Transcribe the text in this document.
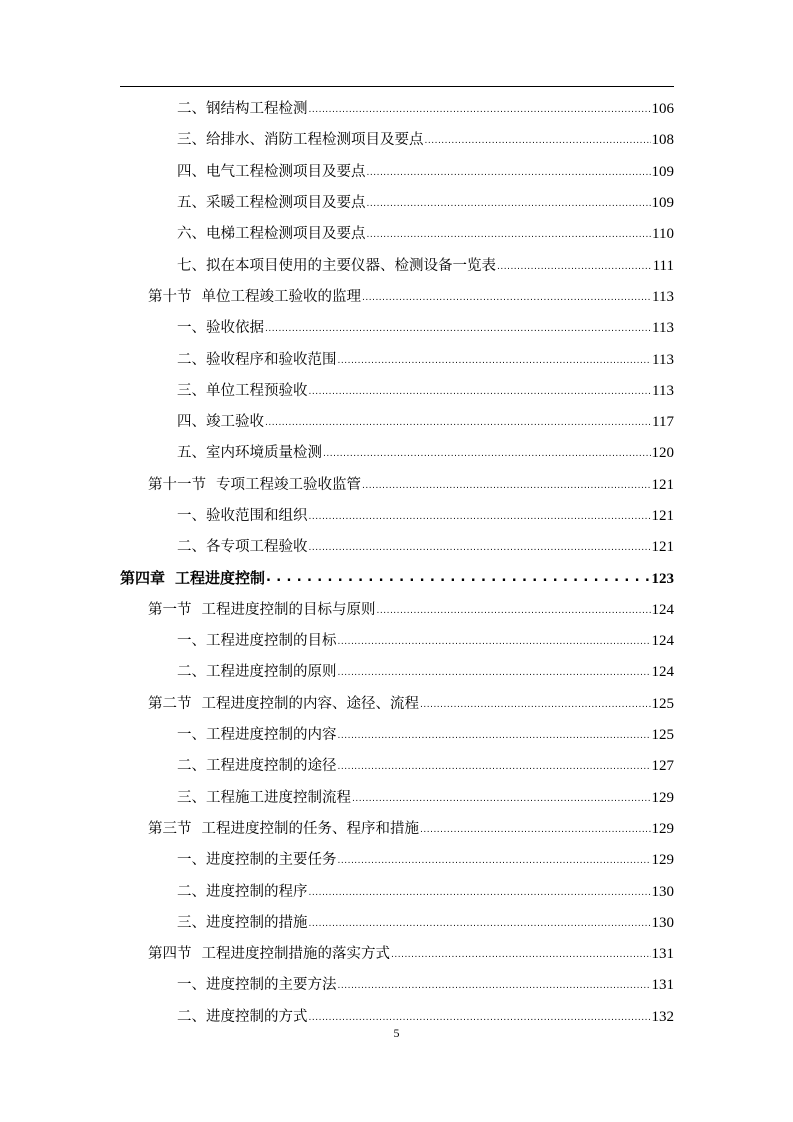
二、 钢结构工程检测 .....	106
三、 给排水、消防工程检测项目及要点 .....	108
四、 电气工程检测项目及要点 .....	109
五、 采暖工程检测项目及要点 .....	109
六、 电梯工程检测项目及要点 .....	110
七、 拟在本项目使用的主要仪器、检测设备一览表 .....	111
第十节 单位工程竣工验收的监理 .....	113
一、 验收依据 .....	113
二、 验收程序和验收范围 .....	113
三、 单位工程预验收 .....	113
四、 竣工验收 .....	117
五、 室内环境质量检测 .....	120
第十一节 专项工程竣工验收监管 .....	121
一、 验收范围和组织 .....	121
二、 各专项工程验收 .....	121
第四章 工程进度控制 .....	123
第一节 工程进度控制的目标与原则 .....	124
一、 工程进度控制的目标 .....	124
二、 工程进度控制的原则 .....	124
第二节 工程进度控制的内容、途径、流程 .....	125
一、 工程进度控制的内容 .....	125
二、 工程进度控制的途径 .....	127
三、 工程施工进度控制流程 .....	129
第三节 工程进度控制的任务、程序和措施 .....	129
一、 进度控制的主要任务 .....	129
二、 进度控制的程序 .....	130
三、 进度控制的措施 .....	130
第四节 工程进度控制措施的落实方式 .....	131
一、 进度控制的主要方法 .....	131
二、 进度控制的方式 .....	132
5
